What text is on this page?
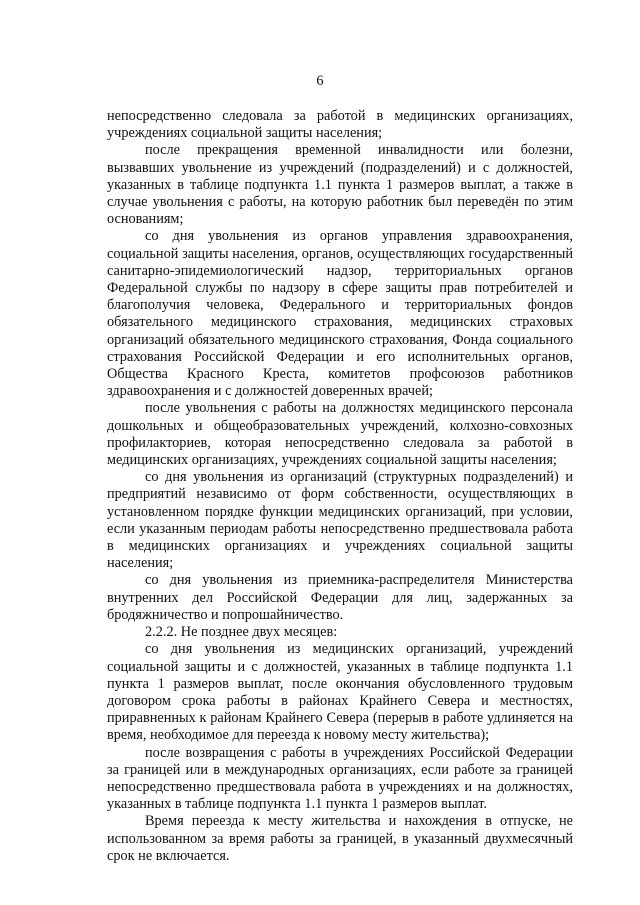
6

непосредственно следовала за работой в медицинских организациях, учреждениях социальной защиты населения;

после прекращения временной инвалидности или болезни, вызвавших увольнение из учреждений (подразделений) и с должностей, указанных в таблице подпункта 1.1 пункта 1 размеров выплат, а также в случае увольнения с работы, на которую работник был переведён по этим основаниям;

со дня увольнения из органов управления здравоохранения, социальной защиты населения, органов, осуществляющих государственный санитарно-эпидемиологический надзор, территориальных органов Федеральной службы по надзору в сфере защиты прав потребителей и благополучия человека, Федерального и территориальных фондов обязательного медицинского страхования, медицинских страховых организаций обязательного медицинского страхования, Фонда социального страхования Российской Федерации и его исполнительных органов, Общества Красного Креста, комитетов профсоюзов работников здравоохранения и с должностей доверенных врачей;

после увольнения с работы на должностях медицинского персонала дошкольных и общеобразовательных учреждений, колхозно-совхозных профилакториев, которая непосредственно следовала за работой в медицинских организациях, учреждениях социальной защиты населения;

со дня увольнения из организаций (структурных подразделений) и предприятий независимо от форм собственности, осуществляющих в установленном порядке функции медицинских организаций, при условии, если указанным периодам работы непосредственно предшествовала работа в медицинских организациях и учреждениях социальной защиты населения;

со дня увольнения из приемника-распределителя Министерства внутренних дел Российской Федерации для лиц, задержанных за бродяжничество и попрошайничество.

2.2.2. Не позднее двух месяцев:

со дня увольнения из медицинских организаций, учреждений социальной защиты и с должностей, указанных в таблице подпункта 1.1 пункта 1 размеров выплат, после окончания обусловленного трудовым договором срока работы в районах Крайнего Севера и местностях, приравненных к районам Крайнего Севера (перерыв в работе удлиняется на время, необходимое для переезда к новому месту жительства);

после возвращения с работы в учреждениях Российской Федерации за границей или в международных организациях, если работе за границей непосредственно предшествовала работа в учреждениях и на должностях, указанных в таблице подпункта 1.1 пункта 1 размеров выплат.

Время переезда к месту жительства и нахождения в отпуске, не использованном за время работы за границей, в указанный двухмесячный срок не включается.
